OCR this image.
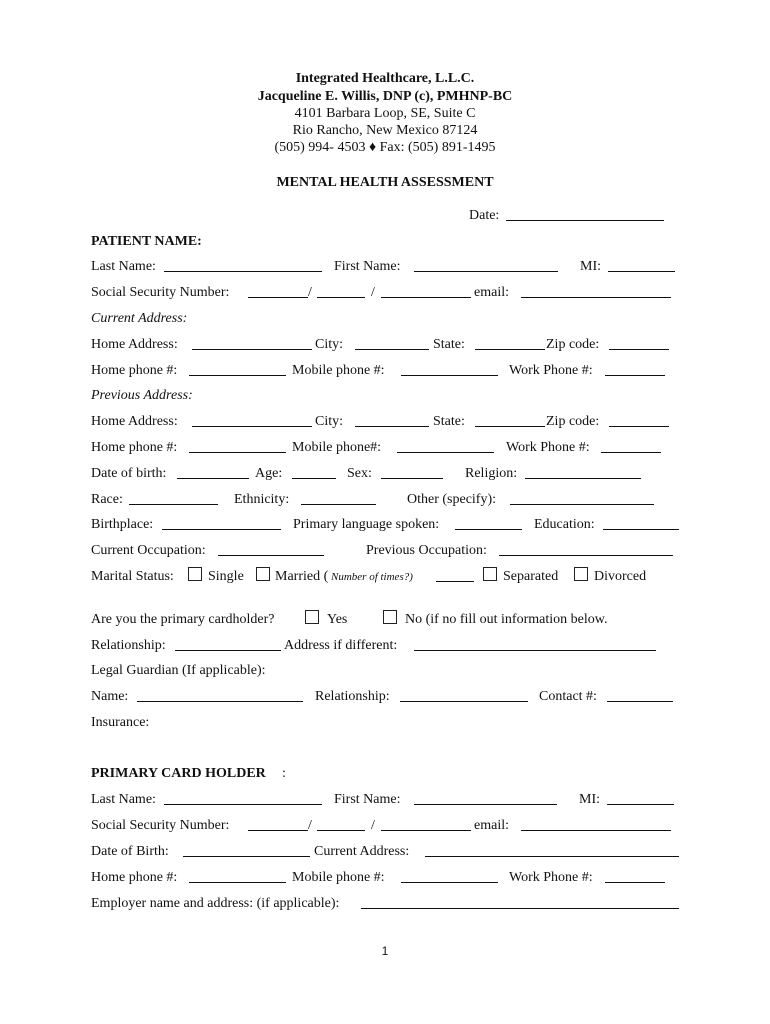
Integrated Healthcare, L.L.C.
Jacqueline E. Willis, DNP (c), PMHNP-BC
4101 Barbara Loop, SE, Suite C
Rio Rancho, New Mexico 87124
(505) 994- 4503 ♦ Fax: (505) 891-1495
MENTAL HEALTH ASSESSMENT
Date:
PATIENT NAME:
Last Name:	First Name:	MI:
Social Security Number:	/	/	email:
Current Address:
Home Address:	City:	State:	Zip code:
Home phone #:	Mobile phone #:	Work Phone #:
Previous Address:
Home Address:	City:	State:	Zip code:
Home phone #:	Mobile phone#:	Work Phone #:
Date of birth:	Age:	Sex:	Religion:
Race:	Ethnicity:	Other (specify):
Birthplace:	Primary language spoken:	Education:
Current Occupation:	Previous Occupation:
Marital Status: Single Married ( Number of times?)	Separated	Divorced
Are you the primary cardholder?	Yes	No (if no fill out information below.
Relationship:	Address if different:
Legal Guardian (If applicable):
Name:	Relationship:	Contact #:
Insurance:
PRIMARY CARD HOLDER :
Last Name:	First Name:	MI:
Social Security Number:	/	/	email:
Date of Birth:	Current Address:
Home phone #:	Mobile phone #:	Work Phone #:
Employer name and address: (if applicable):
1
